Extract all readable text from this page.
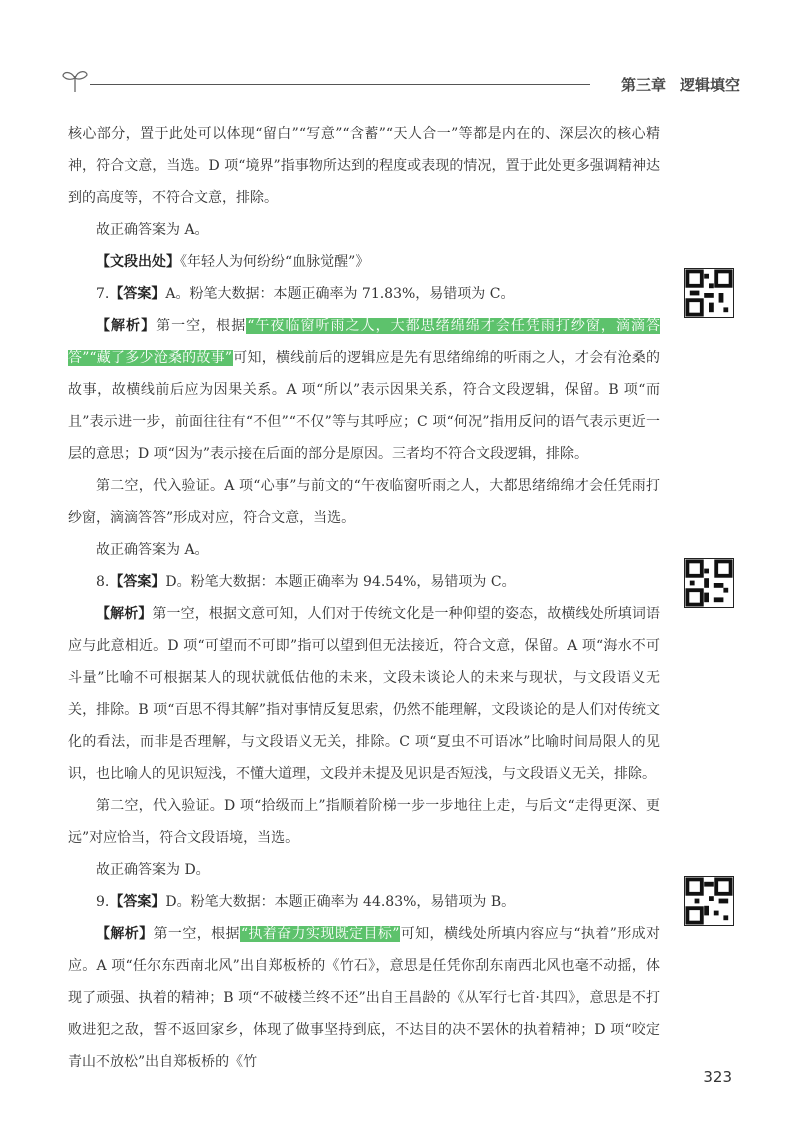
第三章 逻辑填空

核心部分，置于此处可以体现“留白”“写意”“含蓄”“天人合一”等都是内在的、深层次的核心精神，符合文意，当选。D 项“境界”指事物所达到的程度或表现的情况，置于此处更多强调精神达到的高度等，不符合文意，排除。

故正确答案为 A。

【文段出处】《年轻人为何纷纷“血脉觉醒”》

7.【答案】A。粉笔大数据：本题正确率为 71.83%，易错项为 C。

【解析】第一空，根据“午夜临窗听雨之人，大都思绪绵绵才会任凭雨打纱窗，滴滴答答”“藏了多少沧桑的故事”可知，横线前后的逻辑应是先有思绪绵绵的听雨之人，才会有沧桑的故事，故横线前后应为因果关系。A 项“所以”表示因果关系，符合文段逻辑，保留。B 项“而且”表示进一步，前面往往有“不但”“不仅”等与其呼应；C 项“何况”指用反问的语气表示更近一层的意思；D 项“因为”表示接在后面的部分是原因。三者均不符合文段逻辑，排除。

第二空，代入验证。A 项“心事”与前文的“午夜临窗听雨之人，大都思绪绵绵才会任凭雨打纱窗，滴滴答答”形成对应，符合文意，当选。

故正确答案为 A。

8.【答案】D。粉笔大数据：本题正确率为 94.54%，易错项为 C。

【解析】第一空，根据文意可知，人们对于传统文化是一种仰望的姿态，故横线处所填词语应与此意相近。D 项“可望而不可即”指可以望到但无法接近，符合文意，保留。A 项“海水不可斗量”比喻不可根据某人的现状就低估他的未来，文段未谈论人的未来与现状，与文段语义无关，排除。B 项“百思不得其解”指对事情反复思索，仍然不能理解，文段谈论的是人们对传统文化的看法，而非是否理解，与文段语义无关，排除。C 项“夏虫不可语冰”比喻时间局限人的见识，也比喻人的见识短浅，不懂大道理，文段并未提及见识是否短浅，与文段语义无关，排除。

第二空，代入验证。D 项“拾级而上”指顺着阶梯一步一步地往上走，与后文“走得更深、更远”对应恰当，符合文段语境，当选。

故正确答案为 D。

9.【答案】D。粉笔大数据：本题正确率为 44.83%，易错项为 B。

【解析】第一空，根据“执着奋力实现既定目标”可知，横线处所填内容应与“执着”形成对应。A 项“任尔东西南北风”出自郑板桥的《竹石》，意思是任凭你刮东南西北风也毫不动摇，体现了顽强、执着的精神；B 项“不破楼兰终不还”出自王昌龄的《从军行七首·其四》，意思是不打败进犯之敌，誓不返回家乡，体现了做事坚持到底，不达目的决不罢休的执着精神；D 项“咬定青山不放松”出自郑板桥的《竹

323
